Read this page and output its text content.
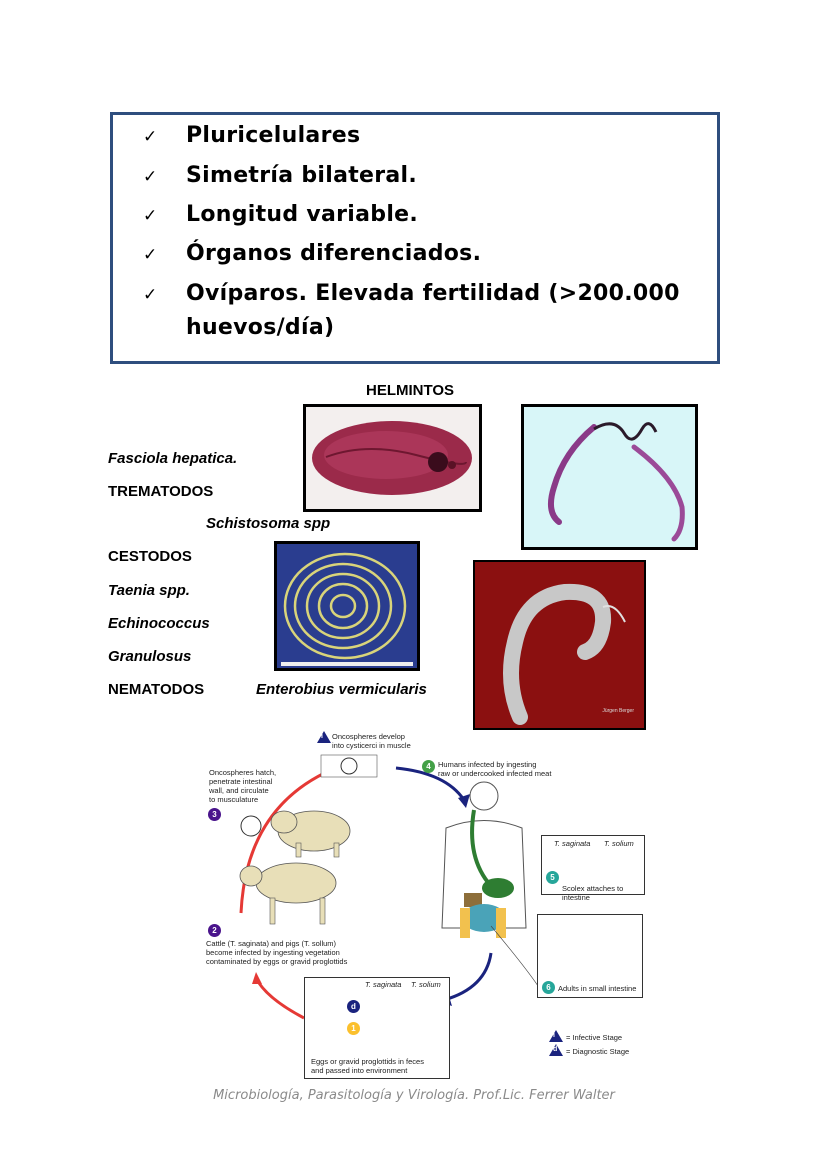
✓ Pluricelulares
✓ Simetría bilateral.
✓ Longitud variable.
✓ Órganos diferenciados.
✓ Ovíparos. Elevada fertilidad (>200.000
huevos/día)
HELMINTOS
Fasciola hepatica.
TREMATODOS
Schistosoma spp
CESTODOS
Taenia spp.
Echinococcus
Granulosus
NEMATODOS	Enterobius vermicularis
Jürgen Berger
T. saginata T. solium
5
Scolex attaches to intestine
6 Adults in small intestine
T. saginata T. solium
d
1
Eggs or gravid proglottids in feces
and passed into environment
i Oncospheres develop
into cysticerci in muscle
4 Humans infected by ingesting
raw or undercooked infected meat
Oncospheres hatch,
penetrate intestinal
wall, and circulate
to musculature
3
2
Cattle (T. saginata) and pigs (T. sollum)
become infected by ingesting vegetation
contaminated by eggs or gravid proglottids
i = Infective Stage
d = Diagnostic Stage
Microbiología, Parasitología y Virología. Prof.Lic. Ferrer Walter
